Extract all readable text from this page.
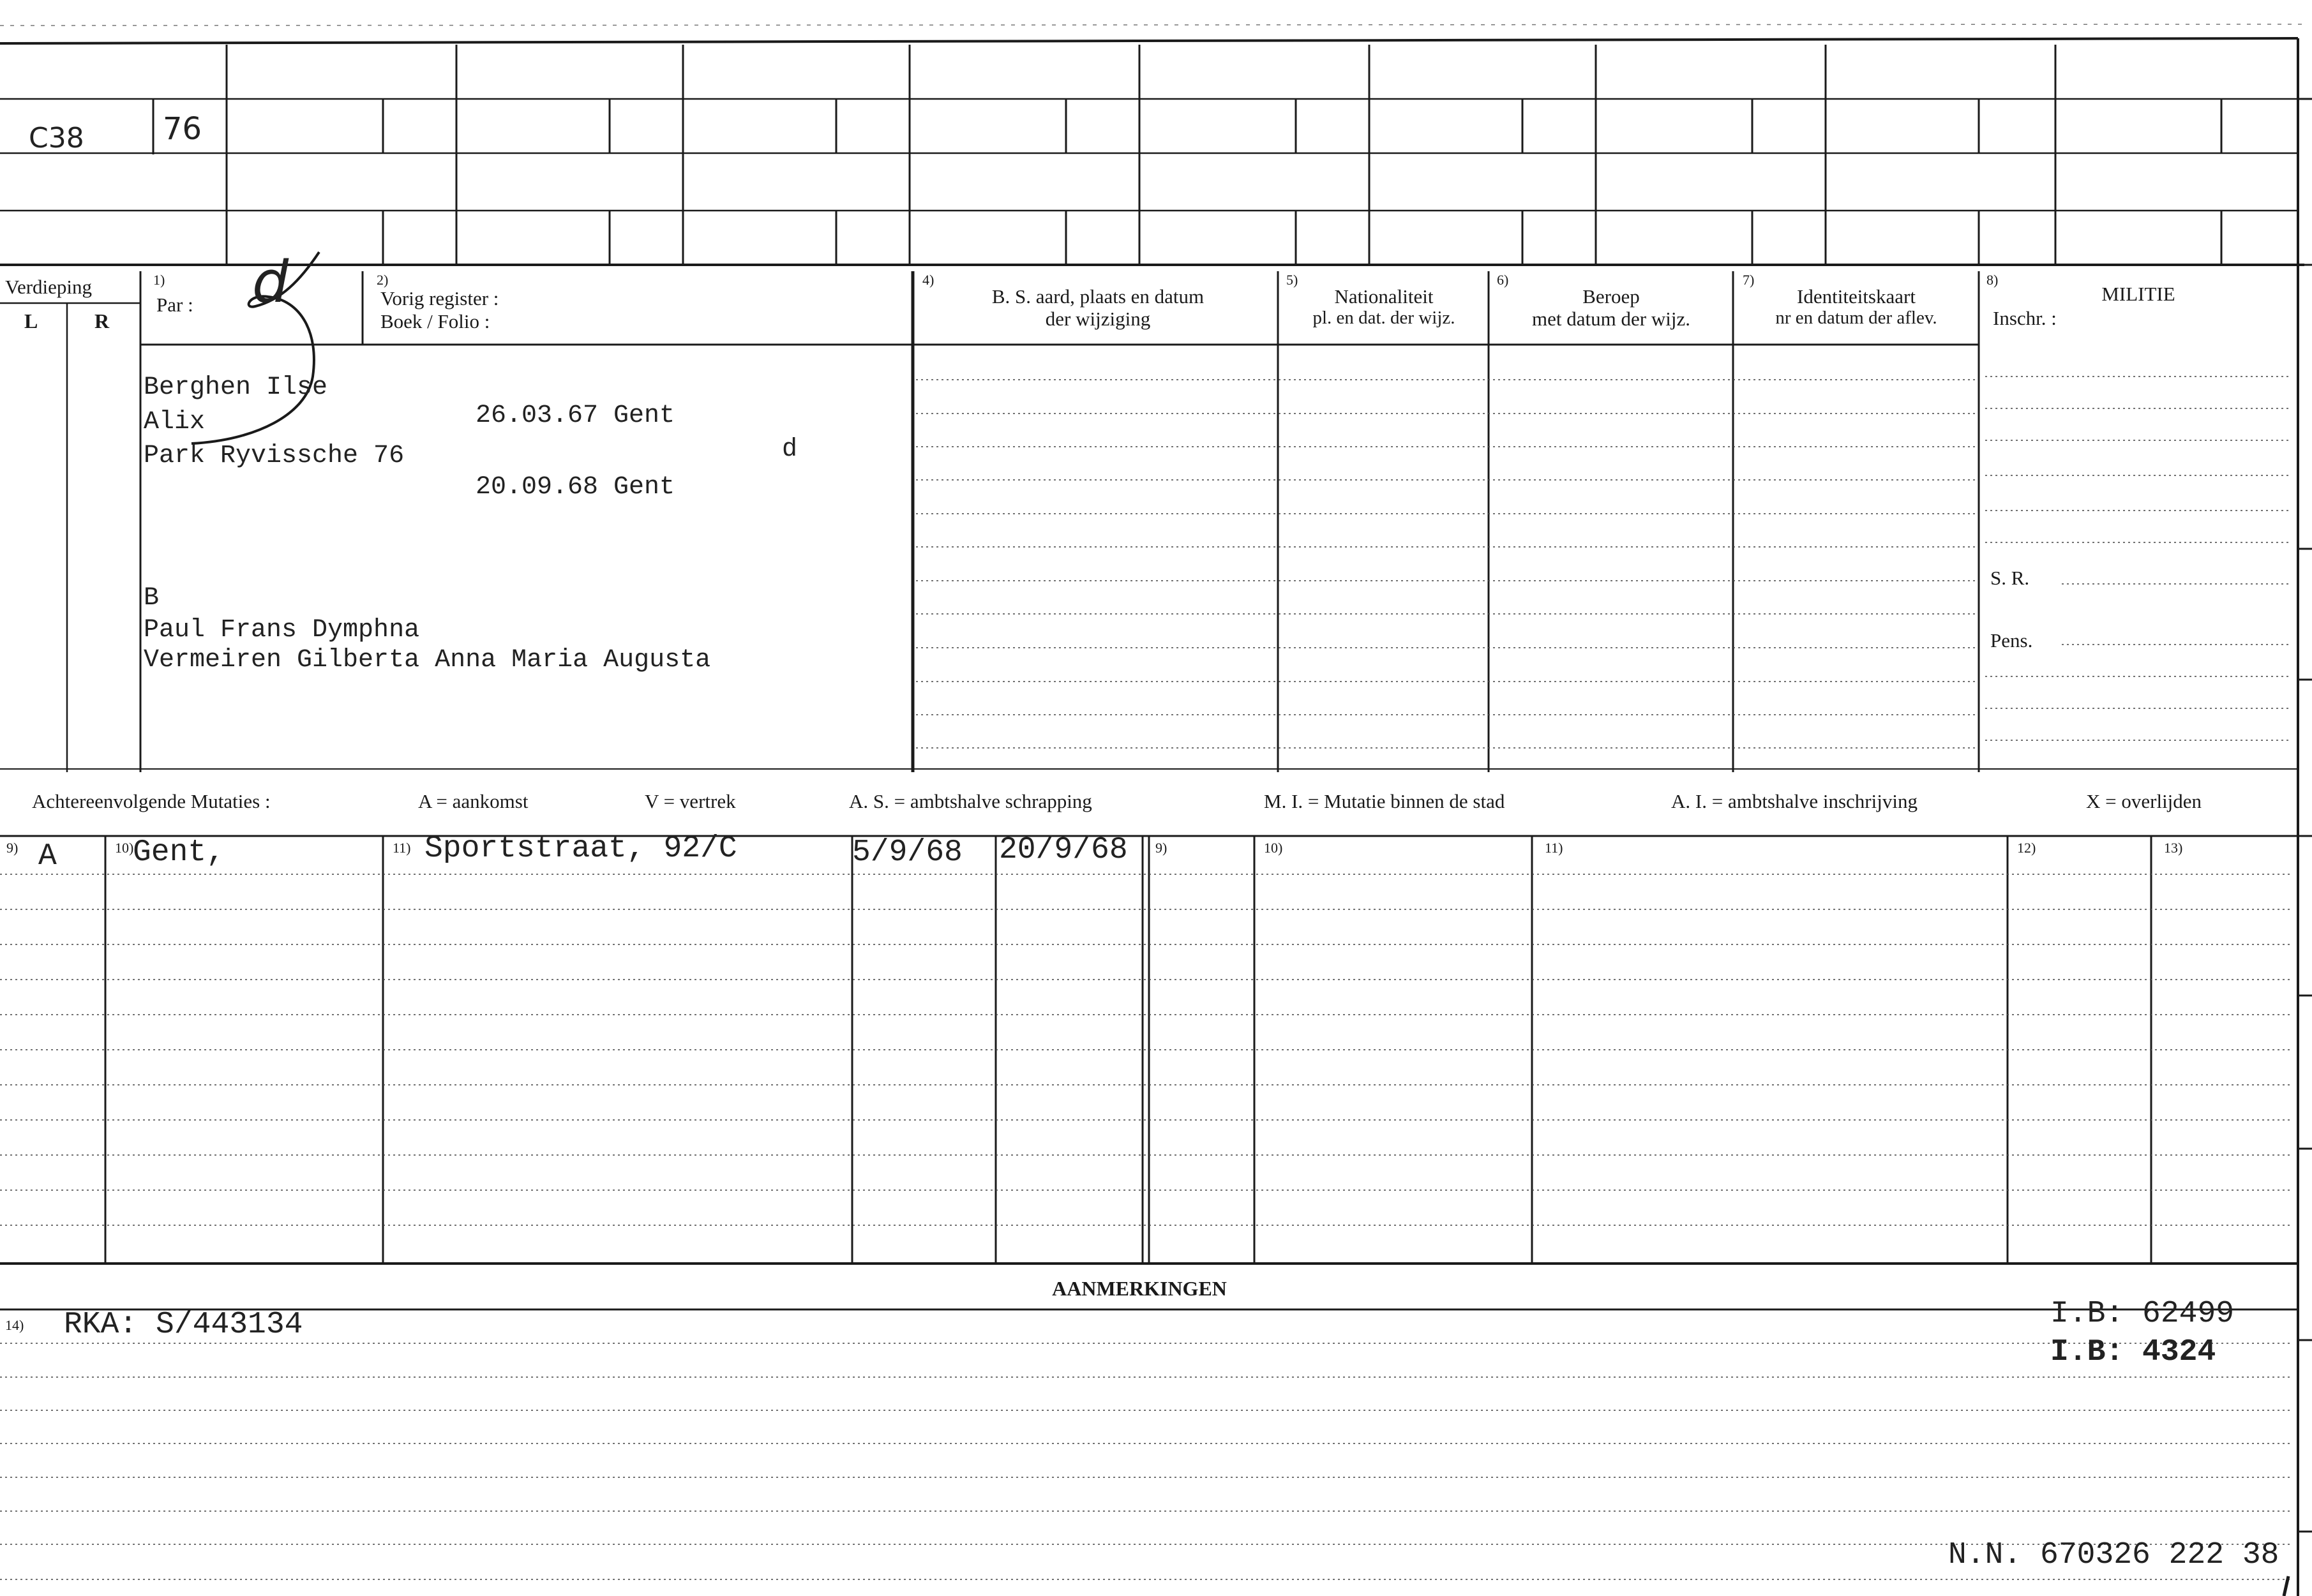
C38	76
Verdieping
L	R
1)
Par : d	2)
Vorig register :
Boek / Folio :
4)
B. S. aard, plaats en datum
der wijziging
5)
Nationaliteit
pl. en dat. der wijz.
6)
Beroep
met datum der wijz.
7)
Identiteitskaart
nr en datum der aflev.
8)
MILITIE
Inschr. :
S. R.
Pens.
Berghen Ilse
Alix
Park Ryvissche 76
26.03.67 Gent
20.09.68 Gent
d
B
Paul Frans Dymphna
Vermeiren Gilberta Anna Maria Augusta
Achtereenvolgende Mutaties :	A = aankomst	V = vertrek	A. S. = ambtshalve schrapping	M. I. = Mutatie binnen de stad	A. I. = ambtshalve inschrijving	X = overlijden
9)	10)	11)	9)	10)	11)	12)	13)
A Gent,	Sportstraat, 92/C	5/9/68 20/9/68
AANMERKINGEN
14) RKA: S/443134	I.B: 62499
I.B: 4324
N.N. 670326 222 38
